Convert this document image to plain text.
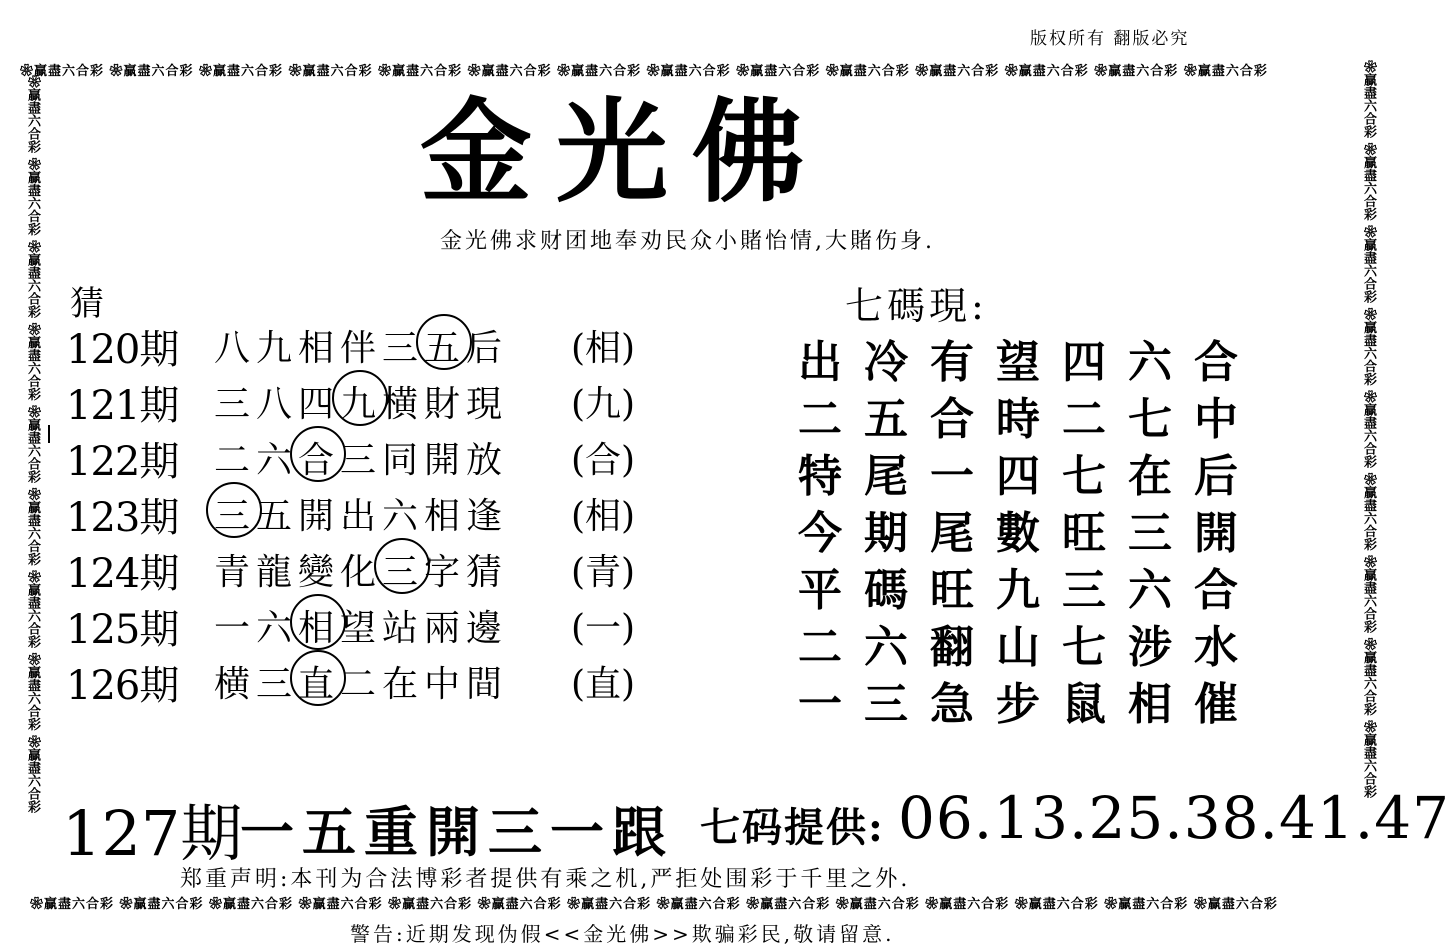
版权所有 翻版必究
❀贏盡六合彩 ❀贏盡六合彩 ❀贏盡六合彩 ❀贏盡六合彩 ❀贏盡六合彩 ❀贏盡六合彩 ❀贏盡六合彩 ❀贏盡六合彩 ❀贏盡六合彩 ❀贏盡六合彩 ❀贏盡六合彩 ❀贏盡六合彩 ❀贏盡六合彩 ❀贏盡六合彩
❀贏盡六合彩 ❀贏盡六合彩 ❀贏盡六合彩 ❀贏盡六合彩 ❀贏盡六合彩 ❀贏盡六合彩 ❀贏盡六合彩 ❀贏盡六合彩 ❀贏盡六合彩 ❀贏盡六合彩 ❀贏盡六合彩 ❀贏盡六合彩 ❀贏盡六合彩 ❀贏盡六合彩
❀贏盡六合彩 ❀贏盡六合彩 ❀贏盡六合彩 ❀贏盡六合彩 ❀贏盡六合彩 ❀贏盡六合彩 ❀贏盡六合彩 ❀贏盡六合彩 ❀贏盡六合彩	❀贏盡六合彩 ❀贏盡六合彩 ❀贏盡六合彩 ❀贏盡六合彩 ❀贏盡六合彩 ❀贏盡六合彩 ❀贏盡六合彩 ❀贏盡六合彩 ❀贏盡六合彩
金光佛
金光佛求财团地奉劝民众小賭怡情,大賭伤身.
猜
120期 八九相伴三五后 (相)
121期 三八四九横財現 (九)
122期 二六合三同開放 (合)
123期 三五開出六相逢 (相)
124期 青龍變化三字猜 (青)
125期 一六相望站兩邊 (一)
126期 横三直二在中間 (直)
七碼現:
出冷有望四六合
二五合時二七中
特尾一四七在后
今期尾數旺三開
平碼旺九三六合
二六翻山七涉水
一三急步鼠相催
127期
一五重開三一跟 七码提供: 06.13.25.38.41.47
郑重声明:本刊为合法博彩者提供有乘之机,严拒处围彩于千里之外.
警告:近期发现伪假<<金光佛>>欺骗彩民,敬请留意.
